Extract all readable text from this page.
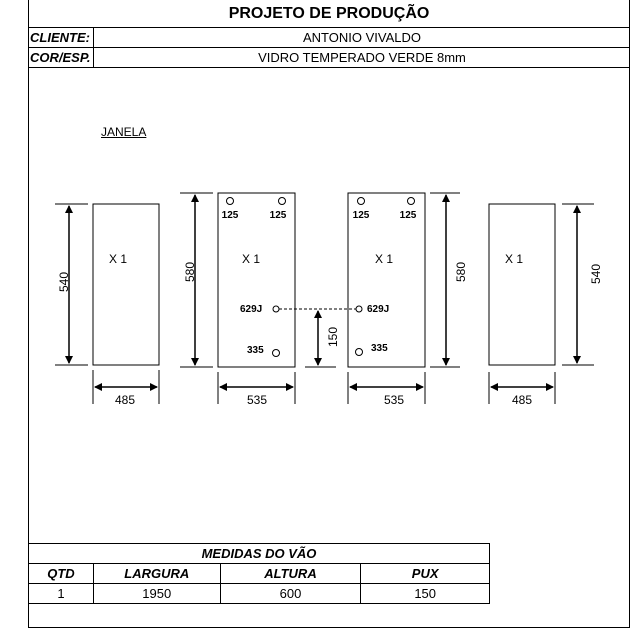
PROJETO DE PRODUÇÃO
CLIENTE:	ANTONIO VIVALDO
COR/ESP.	VIDRO TEMPERADO VERDE 8mm
JANELA
540
485
X 1
580
535
X 1
125	125
629J
335
580
535
X 1
125	125
629J
335
150
540
485
X 1
MEDIDAS DO VÃO			
QTD	LARGURA	ALTURA	PUX
1	1950	600	150
